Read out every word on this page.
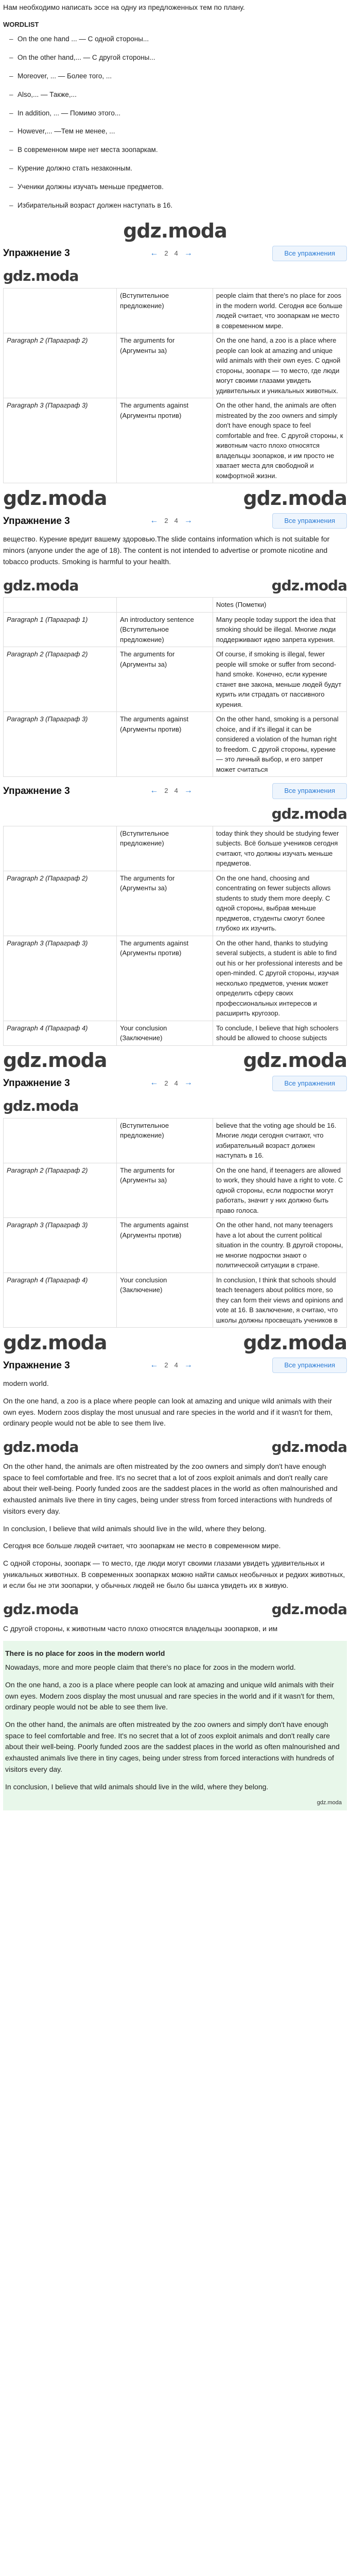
Нам необходимо написать эссе на одну из предложенных тем по плану.

WORDLIST
– On the one hand ... — С одной стороны...
– On the other hand,... — С другой стороны...
– Moreover, ... — Более того, ...
– Also,... — Также,...
– In addition, ... — Помимо этого...
– However,... —Тем не менее, ...
– В современном мире нет места зоопаркам.
– Курение должно стать незаконным.
– Ученики должны изучать меньше предметов.
– Избирательный возраст должен наступать в 16.
gdz.moda
Упражнение 3	← 2 4 →	Все упражнения
gdz.moda
	(Вступительное предложение)	people claim that there's no place for zoos in the modern world. Сегодня все больше людей считает, что зоопаркам не место в современном мире.
Paragraph 2 (Параграф 2)	The arguments for (Аргументы за)	On the one hand, a zoo is a place where people can look at amazing and unique wild animals with their own eyes. С одной стороны, зоопарк — то место, где люди могут своими глазами увидеть удивительных и уникальных животных.
Paragraph 3 (Параграф 3)	The arguments against (Аргументы против)	On the other hand, the animals are often mistreated by the zoo owners and simply don't have enough space to feel comfortable and free. С другой стороны, к животным часто плохо относятся владельцы зоопарков, и им просто не хватает места для свободной и комфортной жизни.
gdz.moda	gdz.moda
Упражнение 3	← 2 4 →	Все упражнения

вещество. Курение вредит вашему здоровью.The slide contains information which is not suitable for minors (anyone under the age of 18). The content is not intended to advertise or promote nicotine and tobacco products. Smoking is harmful to your health.

gdz.moda	gdz.moda
		Notes (Пометки)
Paragraph 1 (Параграф 1)	An introductory sentence (Вступительное предложение)	Many people today support the idea that smoking should be illegal. Многие люди поддерживают идею запрета курения.
Paragraph 2 (Параграф 2)	The arguments for (Аргументы за)	Of course, if smoking is illegal, fewer people will smoke or suffer from second-hand smoke. Конечно, если курение станет вне закона, меньше людей будут курить или страдать от пассивного курения.
Paragraph 3 (Параграф 3)	The arguments against (Аргументы против)	On the other hand, smoking is a personal choice, and if it's illegal it can be considered a violation of the human right to freedom. С другой стороны, курение — это личный выбор, и его запрет может считаться
Упражнение 3	← 2 4 →	Все упражнения
gdz.moda
	(Вступительное предложение)	today think they should be studying fewer subjects. Всё больше учеников сегодня считают, что должны изучать меньше предметов.
Paragraph 2 (Параграф 2)	The arguments for (Аргументы за)	On the one hand, choosing and concentrating on fewer subjects allows students to study them more deeply. С одной стороны, выбрав меньше предметов, студенты смогут более глубоко их изучить.
Paragraph 3 (Параграф 3)	The arguments against (Аргументы против)	On the other hand, thanks to studying several subjects, a student is able to find out his or her professional interests and be open-minded. С другой стороны, изучая несколько предметов, ученик может определить сферу своих профессиональных интересов и расширить кругозор.
Paragraph 4 (Параграф 4)	Your conclusion (Заключение)	To conclude, I believe that high schoolers should be allowed to choose subjects
gdz.moda	gdz.moda
Упражнение 3	← 2 4 →	Все упражнения
gdz.moda
	(Вступительное предложение)	believe that the voting age should be 16. Многие люди сегодня считают, что избирательный возраст должен наступать в 16.
Paragraph 2 (Параграф 2)	The arguments for (Аргументы за)	On the one hand, if teenagers are allowed to work, they should have a right to vote. С одной стороны, если подростки могут работать, значит у них должно быть право голоса.
Paragraph 3 (Параграф 3)	The arguments against (Аргументы против)	On the other hand, not many teenagers have a lot about the current political situation in the country. В другой стороны, не многие подростки знают о политической ситуации в стране.
Paragraph 4 (Параграф 4)	Your conclusion (Заключение)	In conclusion, I think that schools should teach teenagers about politics more, so they can form their views and opinions and vote at 16. В заключение, я считаю, что школы должны просвещать учеников в
gdz.moda	gdz.moda
Упражнение 3	← 2 4 →	Все упражнения

modern world.

On the one hand, a zoo is a place where people can look at amazing and unique wild animals with their own eyes. Modern zoos display the most unusual and rare species in the world and if it wasn't for them, ordinary people would not be able to see them live.

gdz.moda	gdz.moda

On the other hand, the animals are often mistreated by the zoo owners and simply don't have enough space to feel comfortable and free. It's no secret that a lot of zoos exploit animals and don't really care about their well-being. Poorly funded zoos are the saddest places in the world as often malnourished and exhausted animals live there in tiny cages, being under stress from forced interactions with hundreds of visitors every day.

In conclusion, I believe that wild animals should live in the wild, where they belong.

Сегодня все больше людей считает, что зоопаркам не место в современном мире.

С одной стороны, зоопарк — то место, где люди могут своими глазами увидеть удивительных и уникальных животных. В современных зоопарках можно найти самых необычных и редких животных, и если бы не эти зоопарки, у обычных людей не было бы шанса увидеть их в живую.

gdz.moda	gdz.moda

С другой стороны, к животным часто плохо относятся владельцы зоопарков, и им

There is no place for zoos in the modern world

Nowadays, more and more people claim that there's no place for zoos in the modern world.

On the one hand, a zoo is a place where people can look at amazing and unique wild animals with their own eyes. Modern zoos display the most unusual and rare species in the world and if it wasn't for them, ordinary people would not be able to see them live.

On the other hand, the animals are often mistreated by the zoo owners and simply don't have enough space to feel comfortable and free. It's no secret that a lot of zoos exploit animals and don't really care about their well-being. Poorly funded zoos are the saddest places in the world as often malnourished and exhausted animals live there in tiny cages, being under stress from forced interactions with hundreds of visitors every day.

In conclusion, I believe that wild animals should live in the wild, where they belong.

gdz.moda
